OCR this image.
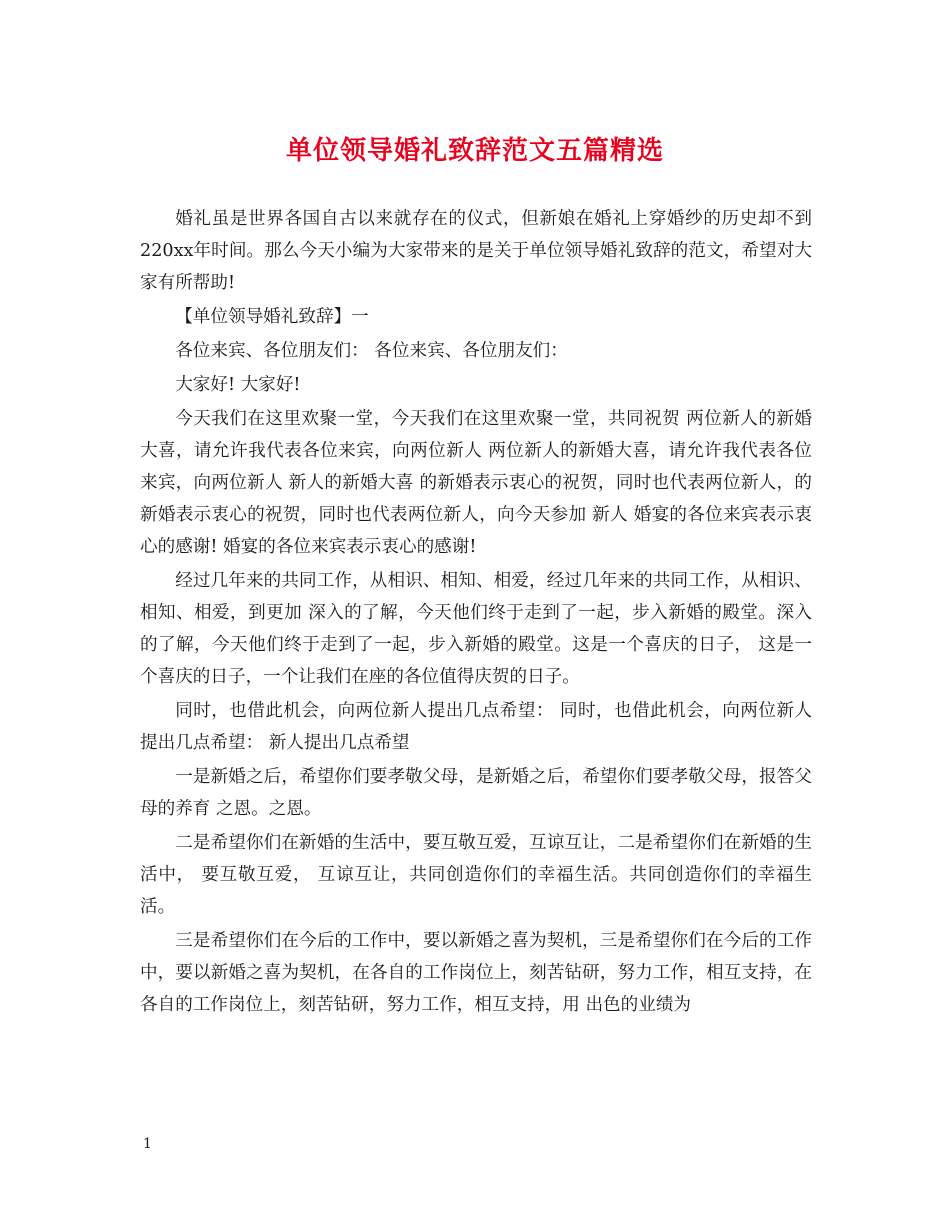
单位领导婚礼致辞范文五篇精选

婚礼虽是世界各国自古以来就存在的仪式，但新娘在婚礼上穿婚纱的历史却不到220xx年时间。那么今天小编为大家带来的是关于单位领导婚礼致辞的范文，希望对大家有所帮助!

【单位领导婚礼致辞】一

各位来宾、各位朋友们： 各位来宾、各位朋友们：

大家好! 大家好!

今天我们在这里欢聚一堂，今天我们在这里欢聚一堂，共同祝贺 两位新人的新婚大喜，请允许我代表各位来宾，向两位新人 两位新人的新婚大喜，请允许我代表各位来宾，向两位新人 新人的新婚大喜 的新婚表示衷心的祝贺，同时也代表两位新人，的新婚表示衷心的祝贺，同时也代表两位新人，向今天参加 新人 婚宴的各位来宾表示衷心的感谢! 婚宴的各位来宾表示衷心的感谢!

经过几年来的共同工作，从相识、相知、相爱，经过几年来的共同工作，从相识、相知、相爱，到更加 深入的了解，今天他们终于走到了一起，步入新婚的殿堂。深入的了解，今天他们终于走到了一起，步入新婚的殿堂。这是一个喜庆的日子， 这是一个喜庆的日子，一个让我们在座的各位值得庆贺的日子。

同时，也借此机会，向两位新人提出几点希望： 同时，也借此机会，向两位新人提出几点希望： 新人提出几点希望

一是新婚之后，希望你们要孝敬父母，是新婚之后，希望你们要孝敬父母，报答父母的养育 之恩。之恩。

二是希望你们在新婚的生活中，要互敬互爱，互谅互让，二是希望你们在新婚的生活中， 要互敬互爱， 互谅互让，共同创造你们的幸福生活。共同创造你们的幸福生活。

三是希望你们在今后的工作中，要以新婚之喜为契机，三是希望你们在今后的工作中，要以新婚之喜为契机，在各自的工作岗位上，刻苦钻研，努力工作，相互支持，在各自的工作岗位上，刻苦钻研，努力工作，相互支持，用 出色的业绩为

1
